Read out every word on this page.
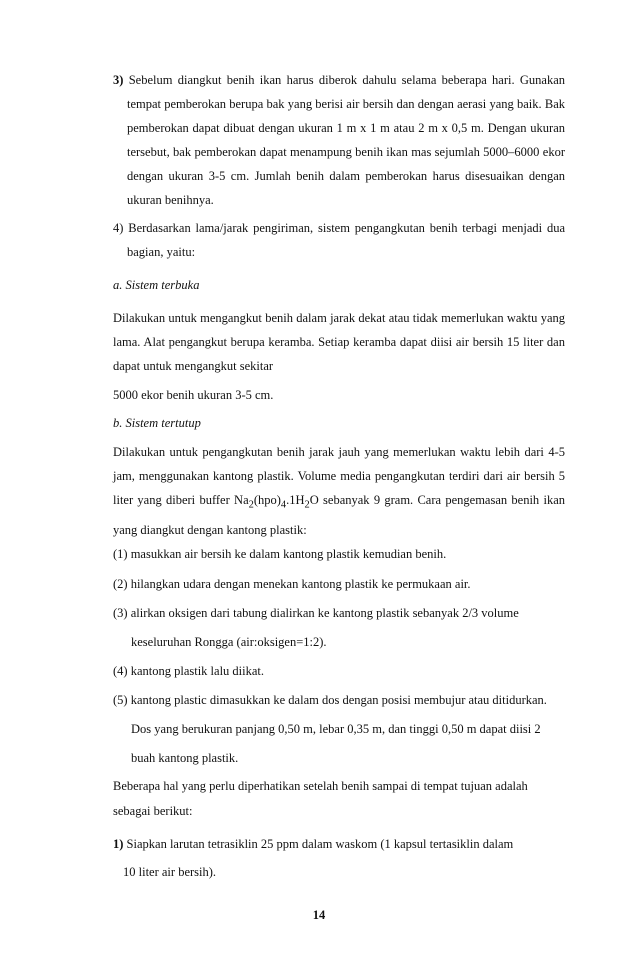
3) Sebelum diangkut benih ikan harus diberok dahulu selama beberapa hari. Gunakan tempat pemberokan berupa bak yang berisi air bersih dan dengan aerasi yang baik. Bak pemberokan dapat dibuat dengan ukuran 1 m x 1 m atau 2 m x 0,5 m. Dengan ukuran tersebut, bak pemberokan dapat menampung benih ikan mas sejumlah 5000–6000 ekor dengan ukuran 3-5 cm. Jumlah benih dalam pemberokan harus disesuaikan dengan ukuran benihnya.

4) Berdasarkan lama/jarak pengiriman, sistem pengangkutan benih terbagi menjadi dua bagian, yaitu:

a. Sistem terbuka

Dilakukan untuk mengangkut benih dalam jarak dekat atau tidak memerlukan waktu yang lama. Alat pengangkut berupa keramba. Setiap keramba dapat diisi air bersih 15 liter dan dapat untuk mengangkut sekitar

5000 ekor benih ukuran 3-5 cm.

b. Sistem tertutup

Dilakukan untuk pengangkutan benih jarak jauh yang memerlukan waktu lebih dari 4-5 jam, menggunakan kantong plastik. Volume media pengangkutan terdiri dari air bersih 5 liter yang diberi buffer $Na_2(hpo)_4.1H_2O$ sebanyak 9 gram. Cara pengemasan benih ikan yang diangkut dengan kantong plastik:

(1) masukkan air bersih ke dalam kantong plastik kemudian benih.

(2) hilangkan udara dengan menekan kantong plastik ke permukaan air.

(3) alirkan oksigen dari tabung dialirkan ke kantong plastik sebanyak 2/3 volume

keseluruhan Rongga (air:oksigen=1:2).

(4) kantong plastik lalu diikat.

(5) kantong plastic dimasukkan ke dalam dos dengan posisi membujur atau ditidurkan.

Dos yang berukuran panjang 0,50 m, lebar 0,35 m, dan tinggi 0,50 m dapat diisi 2

buah kantong plastik.

Beberapa hal yang perlu diperhatikan setelah benih sampai di tempat tujuan adalah

sebagai berikut:

1) Siapkan larutan tetrasiklin 25 ppm dalam waskom (1 kapsul tertasiklin dalam

10 liter air bersih).

14
